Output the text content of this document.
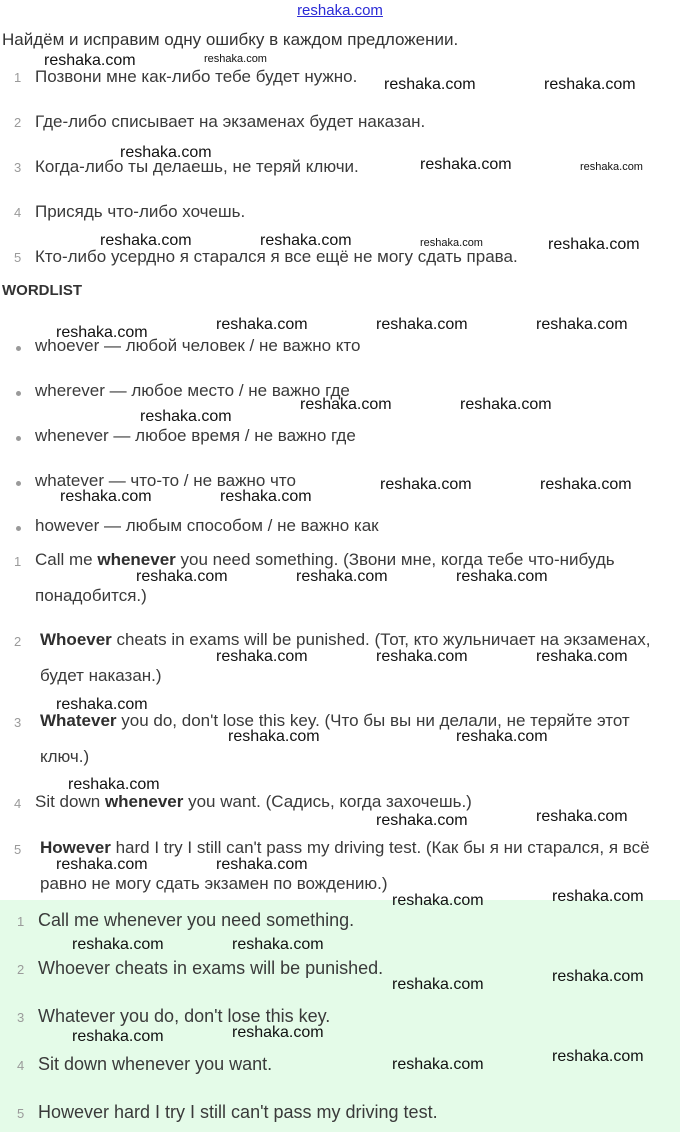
reshaka.com
Найдём и исправим одну ошибку в каждом предложении.
1 Позвони мне как-либо тебе будет нужно.
2 Где-либо списывает на экзаменах будет наказан.
3 Когда-либо ты делаешь, не теряй ключи.
4 Присядь что-либо хочешь.
5 Кто-либо усердно я старался я все ещё не могу сдать права.
WORDLIST
whoever — любой человек / не важно кто
wherever — любое место / не важно где
whenever — любое время / не важно где
whatever — что-то / не важно что
however — любым способом / не важно как
1 Call me whenever you need something. (Звони мне, когда тебе что-нибудь понадобится.)
2 Whoever cheats in exams will be punished. (Тот, кто жульничает на экзаменах, будет наказан.)
3 Whatever you do, don't lose this key. (Что бы вы ни делали, не теряйте этот ключ.)
4 Sit down whenever you want. (Садись, когда захочешь.)
5 However hard I try I still can't pass my driving test. (Как бы я ни старался, я всё равно не могу сдать экзамен по вождению.)
1 Call me whenever you need something.
2 Whoever cheats in exams will be punished.
3 Whatever you do, don't lose this key.
4 Sit down whenever you want.
5 However hard I try I still can't pass my driving test.
reshaka.com	reshaka.com
reshaka.com	reshaka.com
reshaka.com
reshaka.com	reshaka.com
reshaka.com	reshaka.com	reshaka.com	reshaka.com
reshaka.com	reshaka.com	reshaka.com	reshaka.com
reshaka.com	reshaka.com
reshaka.com
reshaka.com	reshaka.com
reshaka.com	reshaka.com
reshaka.com	reshaka.com	reshaka.com
reshaka.com	reshaka.com	reshaka.com
reshaka.com
reshaka.com	reshaka.com
reshaka.com
reshaka.com	reshaka.com
reshaka.com	reshaka.com
reshaka.com	reshaka.com
reshaka.com	reshaka.com
reshaka.com	reshaka.com
reshaka.com	reshaka.com
reshaka.com	reshaka.com
